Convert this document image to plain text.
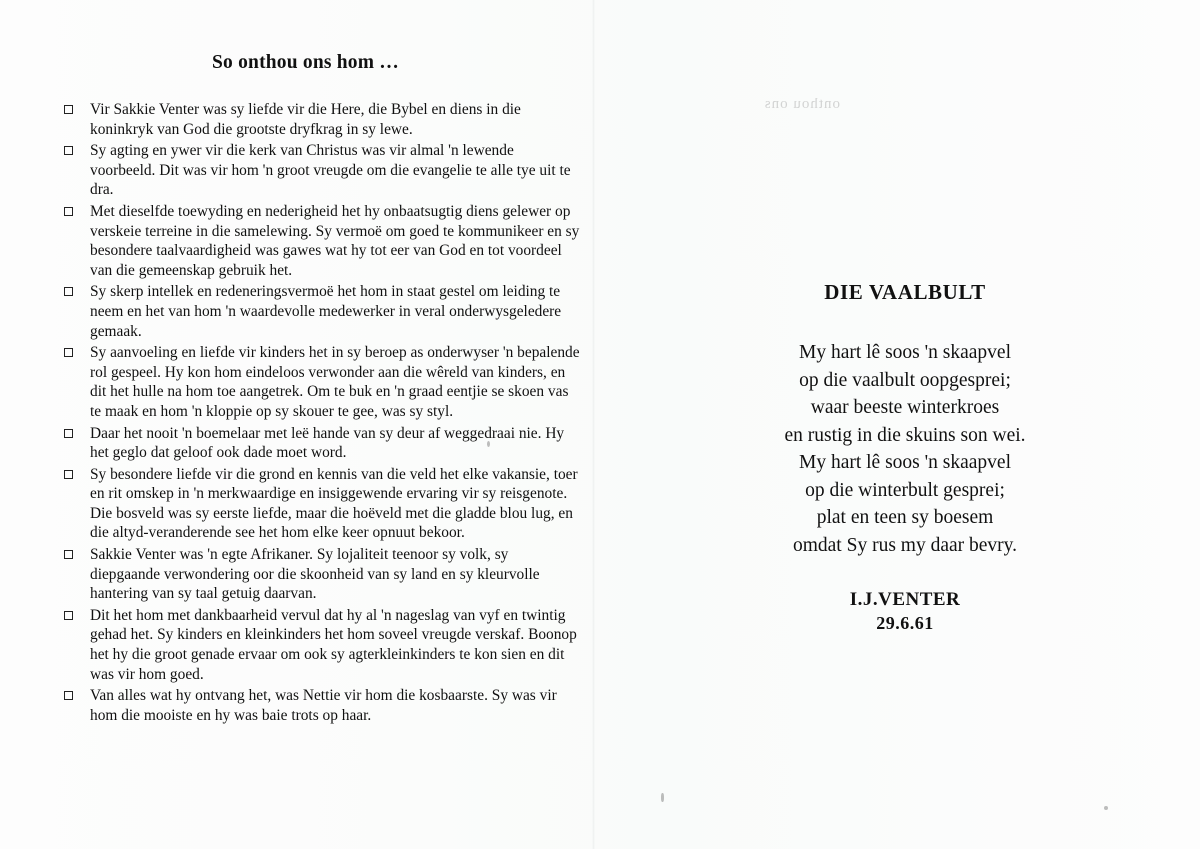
onthou ons
So onthou ons hom …
Vir Sakkie Venter was sy liefde vir die Here, die Bybel en diens in die koninkryk van God die grootste dryfkrag in sy lewe.
Sy agting en ywer vir die kerk van Christus was vir almal 'n lewende voorbeeld. Dit was vir hom 'n groot vreugde om die evangelie te alle tye uit te dra.
Met dieselfde toewyding en nederigheid het hy onbaatsugtig diens gelewer op verskeie terreine in die samelewing. Sy vermoë om goed te kommunikeer en sy besondere taalvaardigheid was gawes wat hy tot eer van God en tot voordeel van die gemeenskap gebruik het.
Sy skerp intellek en redeneringsvermoë het hom in staat gestel om leiding te neem en het van hom 'n waardevolle medewerker in veral onderwysgeledere gemaak.
Sy aanvoeling en liefde vir kinders het in sy beroep as onderwyser 'n bepalende rol gespeel. Hy kon hom eindeloos verwonder aan die wêreld van kinders, en dit het hulle na hom toe aangetrek. Om te buk en 'n graad eentjie se skoen vas te maak en hom 'n kloppie op sy skouer te gee, was sy styl.
Daar het nooit 'n boemelaar met leë hande van sy deur af weggedraai nie. Hy het geglo dat geloof ook dade moet word.
Sy besondere liefde vir die grond en kennis van die veld het elke vakansie, toer en rit omskep in 'n merkwaardige en insiggewende ervaring vir sy reisgenote. Die bosveld was sy eerste liefde, maar die hoëveld met die gladde blou lug, en die altyd-veranderende see het hom elke keer opnuut bekoor.
Sakkie Venter was 'n egte Afrikaner. Sy lojaliteit teenoor sy volk, sy diepgaande verwondering oor die skoonheid van sy land en sy kleurvolle hantering van sy taal getuig daarvan.
Dit het hom met dankbaarheid vervul dat hy al 'n nageslag van vyf en twintig gehad het. Sy kinders en kleinkinders het hom soveel vreugde verskaf. Boonop het hy die groot genade ervaar om ook sy agterkleinkinders te kon sien en dit was vir hom goed.
Van alles wat hy ontvang het, was Nettie vir hom die kosbaarste. Sy was vir hom die mooiste en hy was baie trots op haar.
DIE VAALBULT
My hart lê soos 'n skaapvel
op die vaalbult oopgesprei;
waar beeste winterkroes
en rustig in die skuins son wei.
My hart lê soos 'n skaapvel
op die winterbult gesprei;
plat en teen sy boesem
omdat Sy rus my daar bevry.
I.J.VENTER
29.6.61
